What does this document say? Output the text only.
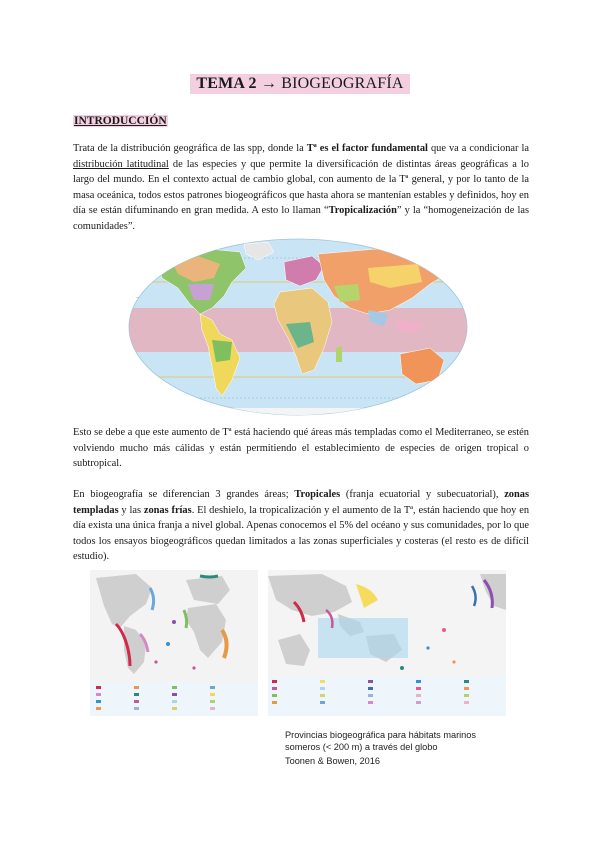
TEMA 2 → BIOGEOGRAFÍA
INTRODUCCIÓN

Trata de la distribución geográfica de las spp, donde la Tª es el factor fundamental que va a condicionar la distribución latitudinal de las especies y que permite la diversificación de distintas áreas geográficas a lo largo del mundo. En el contexto actual de cambio global, con aumento de la Tª general, y por lo tanto de la masa oceánica, todos estos patrones biogeográficos que hasta ahora se mantenían estables y definidos, hoy en día se están difuminando en gran medida. A esto lo llaman “Tropicalización” y la “homogeneización de las comunidades”.

—

Esto se debe a que este aumento de Tª está haciendo qué áreas más templadas como el Mediterraneo, se estén volviendo mucho más cálidas y están permitiendo el establecimiento de especies de origen tropical o subtropical.

En biogeografía se diferencian 3 grandes áreas; Tropicales (franja ecuatorial y subecuatorial), zonas templadas y las zonas frías. El deshielo, la tropicalización y el aumento de la Tª, están haciendo que hoy en día exista una única franja a nivel global. Apenas conocemos el 5% del océano y sus comunidades, por lo que todos los ensayos biogeográficos quedan limitados a las zonas superficiales y costeras (el resto es de difícil estudio).

Provincias biogeográfica para hábitats marinos
someros (< 200 m) a través del globo
Toonen & Bowen, 2016
